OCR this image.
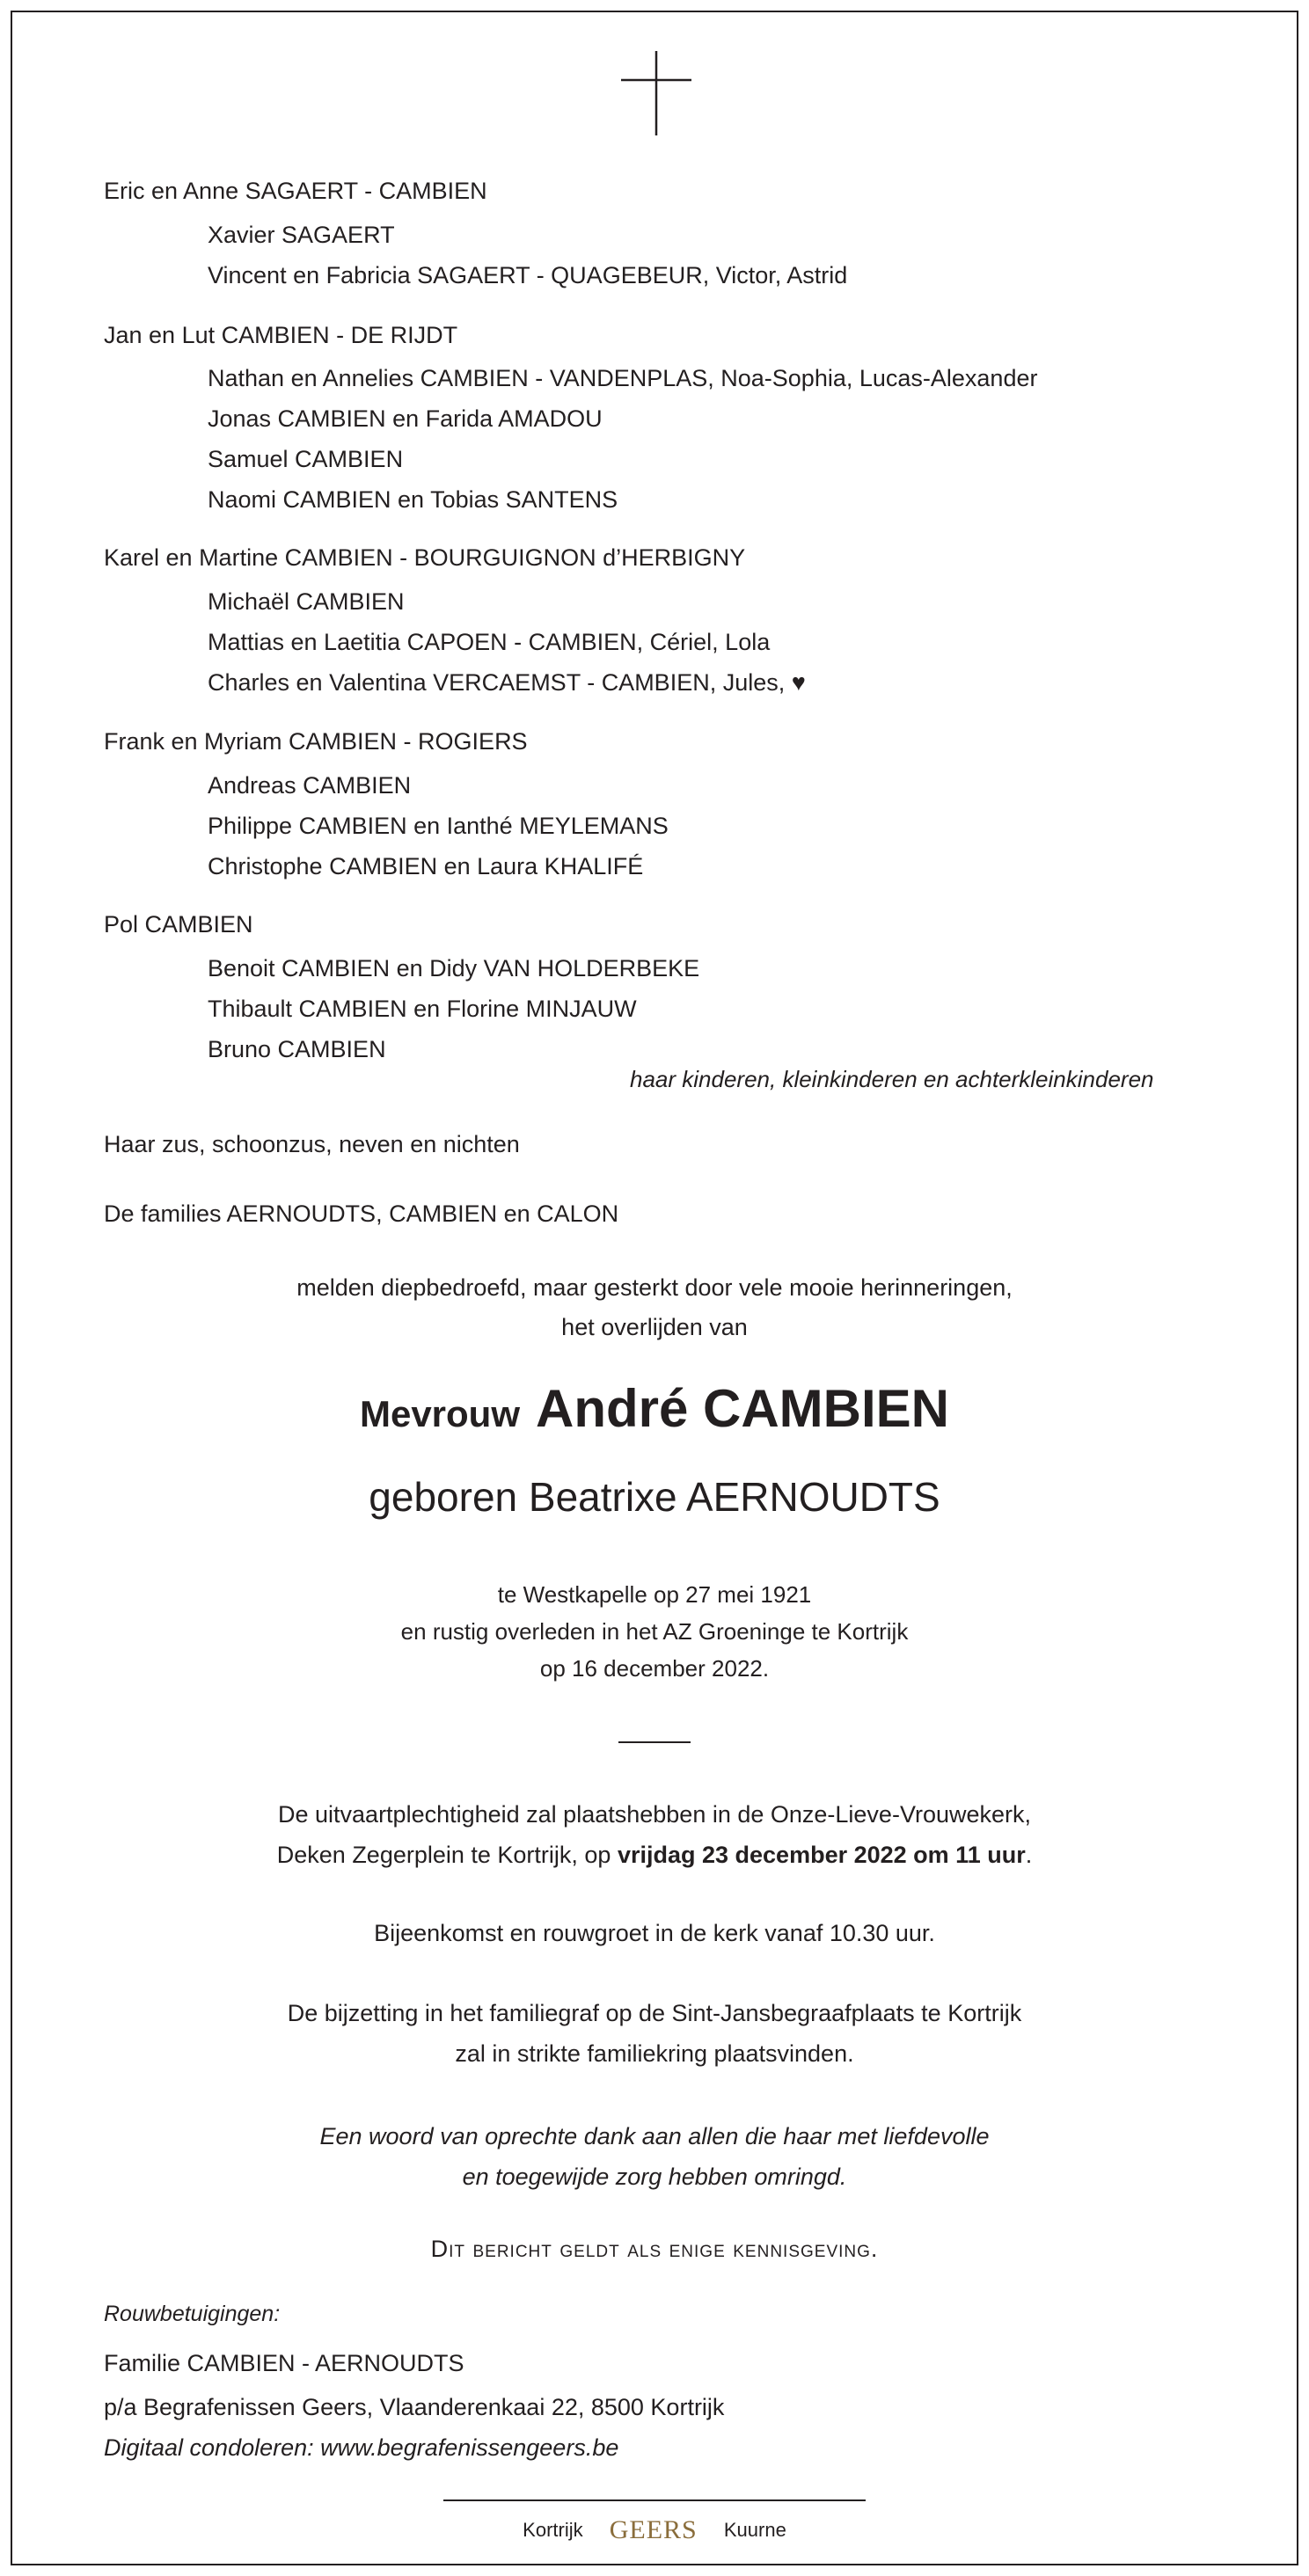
Eric en Anne SAGAERT - CAMBIEN
Xavier SAGAERT
Vincent en Fabricia SAGAERT - QUAGEBEUR, Victor, Astrid
Jan en Lut CAMBIEN - DE RIJDT
Nathan en Annelies CAMBIEN - VANDENPLAS, Noa-Sophia, Lucas-Alexander
Jonas CAMBIEN en Farida AMADOU
Samuel CAMBIEN
Naomi CAMBIEN en Tobias SANTENS
Karel en Martine CAMBIEN - BOURGUIGNON d’HERBIGNY
Michaël CAMBIEN
Mattias en Laetitia CAPOEN - CAMBIEN, Cériel, Lola
Charles en Valentina VERCAEMST - CAMBIEN, Jules, ♥
Frank en Myriam CAMBIEN - ROGIERS
Andreas CAMBIEN
Philippe CAMBIEN en Ianthé MEYLEMANS
Christophe CAMBIEN en Laura KHALIFÉ
Pol CAMBIEN
Benoit CAMBIEN en Didy VAN HOLDERBEKE
Thibault CAMBIEN en Florine MINJAUW
Bruno CAMBIEN
haar kinderen, kleinkinderen en achterkleinkinderen
Haar zus, schoonzus, neven en nichten
De families AERNOUDTS, CAMBIEN en CALON
melden diepbedroefd, maar gesterkt door vele mooie herinneringen,
het overlijden van
Mevrouw André CAMBIEN
geboren Beatrixe AERNOUDTS
te Westkapelle op 27 mei 1921
en rustig overleden in het AZ Groeninge te Kortrijk
op 16 december 2022.
De uitvaartplechtigheid zal plaatshebben in de Onze-Lieve-Vrouwekerk,
Deken Zegerplein te Kortrijk, op vrijdag 23 december 2022 om 11 uur.
Bijeenkomst en rouwgroet in de kerk vanaf 10.30 uur.
De bijzetting in het familiegraf op de Sint-Jansbegraafplaats te Kortrijk
zal in strikte familiekring plaatsvinden.
Een woord van oprechte dank aan allen die haar met liefdevolle
en toegewijde zorg hebben omringd.
Dit bericht geldt als enige kennisgeving.
Rouwbetuigingen:
Familie CAMBIEN - AERNOUDTS
p/a Begrafenissen Geers, Vlaanderenkaai 22, 8500 Kortrijk
Digitaal condoleren: www.begrafenissengeers.be
Kortrijk GEERS Kuurne
